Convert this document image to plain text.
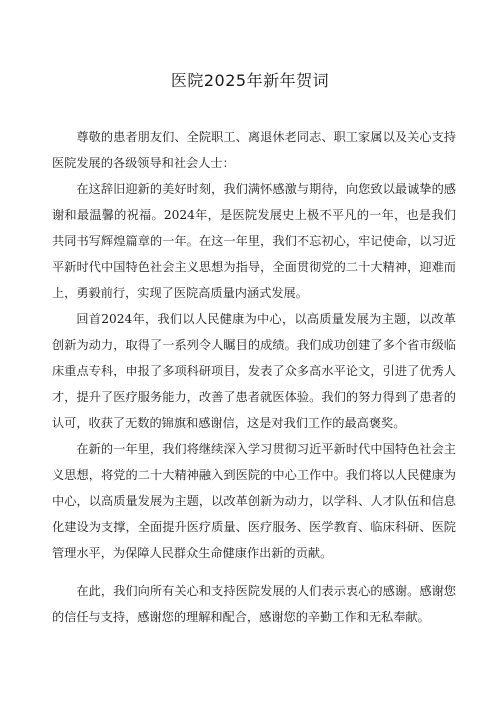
医院2025年新年贺词

尊敬的患者朋友们、全院职工、离退休老同志、职工家属以及关心支持医院发展的各级领导和社会人士：

在这辞旧迎新的美好时刻，我们满怀感激与期待，向您致以最诚挚的感谢和最温馨的祝福。2024年，是医院发展史上极不平凡的一年，也是我们共同书写辉煌篇章的一年。在这一年里，我们不忘初心，牢记使命，以习近平新时代中国特色社会主义思想为指导，全面贯彻党的二十大精神，迎难而上，勇毅前行，实现了医院高质量内涵式发展。

回首2024年，我们以人民健康为中心，以高质量发展为主题，以改革创新为动力，取得了一系列令人瞩目的成绩。我们成功创建了多个省市级临床重点专科，申报了多项科研项目，发表了众多高水平论文，引进了优秀人才，提升了医疗服务能力，改善了患者就医体验。我们的努力得到了患者的认可，收获了无数的锦旗和感谢信，这是对我们工作的最高褒奖。

在新的一年里，我们将继续深入学习贯彻习近平新时代中国特色社会主义思想，将党的二十大精神融入到医院的中心工作中。我们将以人民健康为中心，以高质量发展为主题，以改革创新为动力，以学科、人才队伍和信息化建设为支撑，全面提升医疗质量、医疗服务、医学教育、临床科研、医院管理水平，为保障人民群众生命健康作出新的贡献。

在此，我们向所有关心和支持医院发展的人们表示衷心的感谢。感谢您的信任与支持，感谢您的理解和配合，感谢您的辛勤工作和无私奉献。
